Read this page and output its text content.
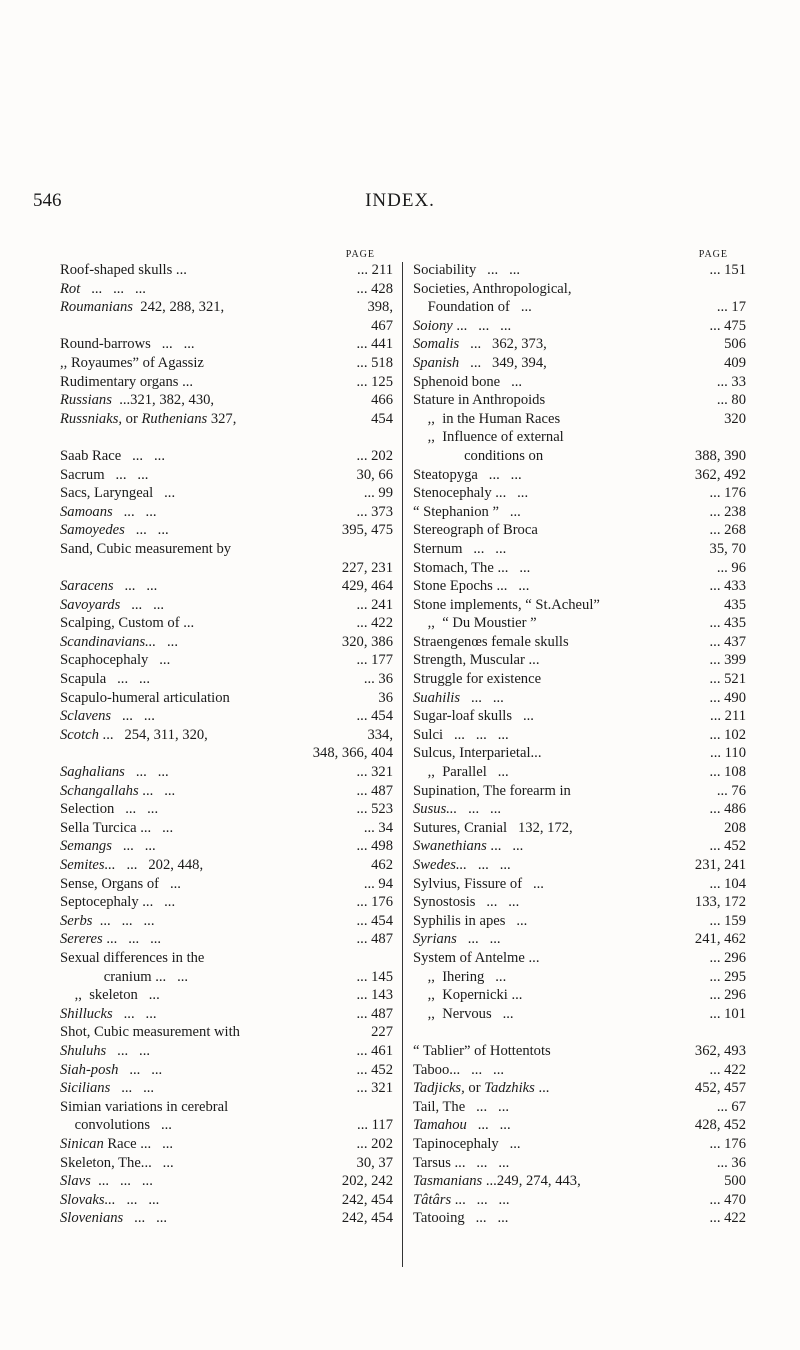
546	INDEX.
PAGE
Roof-shaped skulls ...	... 211
Rot   ...   ...   ...	... 428
Roumanians  242, 288, 321,	398,
467
Round-barrows   ...   ...	... 441
,, Royaumes” of Agassiz	... 518
Rudimentary organs ...	... 125
Russians  ...321, 382, 430,	466
Russniaks, or Ruthenians 327,	454
Saab Race   ...   ...	... 202
Sacrum   ...   ...	30, 66
Sacs, Laryngeal   ...	... 99
Samoans   ...   ...	... 373
Samoyedes   ...   ...	395, 475
Sand, Cubic measurement by
227, 231
Saracens   ...   ...	429, 464
Savoyards   ...   ...	... 241
Scalping, Custom of ...	... 422
Scandinavians...   ...	320, 386
Scaphocephaly   ...	... 177
Scapula   ...   ...	... 36
Scapulo-humeral articulation	36
Sclavens   ...   ...	... 454
Scotch ...   254, 311, 320,	334,
348, 366, 404
Saghalians   ...   ...	... 321
Schangallahs ...   ...	... 487
Selection   ...   ...	... 523
Sella Turcica ...   ...	... 34
Semangs   ...   ...	... 498
Semites...   ...   202, 448,	462
Sense, Organs of   ...	... 94
Septocephaly ...   ...	... 176
Serbs  ...   ...   ...	... 454
Sereres ...   ...   ...	... 487
Sexual differences in the
cranium ...   ...	... 145
,,  skeleton   ...	... 143
Shillucks   ...   ...	... 487
Shot, Cubic measurement with	227
Shuluhs   ...   ...	... 461
Siah-posh   ...   ...	... 452
Sicilians   ...   ...	... 321
Simian variations in cerebral
convolutions   ...	... 117
Sinican Race ...   ...	... 202
Skeleton, The...   ...	30, 37
Slavs  ...   ...   ...	202, 242
Slovaks...   ...   ...	242, 454
Slovenians   ...   ...	242, 454
PAGE
Sociability   ...   ...	... 151
Societies, Anthropological,
Foundation of   ...	... 17
Soiony ...   ...   ...	... 475
Somalis   ...   362, 373,	506
Spanish   ...   349, 394,	409
Sphenoid bone   ...	... 33
Stature in Anthropoids	... 80
,,  in the Human Races	320
,,  Influence of external
conditions on	388, 390
Steatopyga   ...   ...	362, 492
Stenocephaly ...   ...	... 176
“ Stephanion ”   ...	... 238
Stereograph of Broca	... 268
Sternum   ...   ...	35, 70
Stomach, The ...   ...	... 96
Stone Epochs ...   ...	... 433
Stone implements, “ St.Acheul”	435
,,  “ Du Moustier ”	... 435
Straengenœs female skulls	... 437
Strength, Muscular ...	... 399
Struggle for existence	... 521
Suahilis   ...   ...	... 490
Sugar-loaf skulls   ...	... 211
Sulci   ...   ...   ...	... 102
Sulcus, Interparietal...	... 110
,,  Parallel   ...	... 108
Supination, The forearm in	... 76
Susus...   ...   ...	... 486
Sutures, Cranial   132, 172,	208
Swanethians ...   ...	... 452
Swedes...   ...   ...	231, 241
Sylvius, Fissure of   ...	... 104
Synostosis   ...   ...	133, 172
Syphilis in apes   ...	... 159
Syrians   ...   ...	241, 462
System of Antelme ...	... 296
,,  Ihering   ...	... 295
,,  Kopernicki ...	... 296
,,  Nervous   ...	... 101
“ Tablier” of Hottentots	362, 493
Taboo...   ...   ...	... 422
Tadjicks, or Tadzhiks ...	452, 457
Tail, The   ...   ...	... 67
Tamahou   ...   ...	428, 452
Tapinocephaly   ...	... 176
Tarsus ...   ...   ...	... 36
Tasmanians ...249, 274, 443,	500
Tâtârs ...   ...   ...	... 470
Tatooing   ...   ...	... 422
